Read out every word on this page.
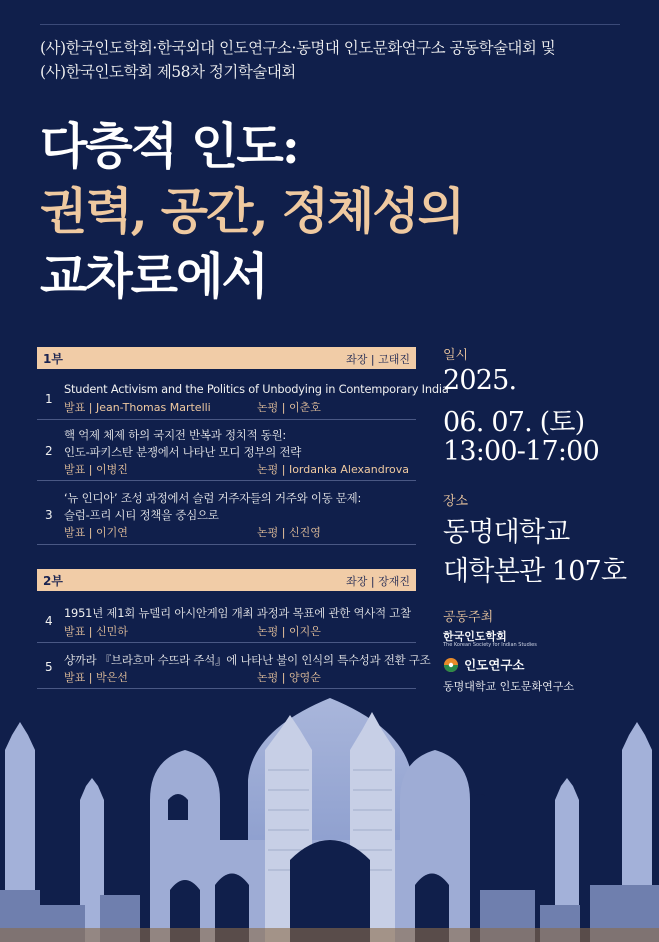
(사)한국인도학회·한국외대 인도연구소·동명대 인도문화연구소 공동학술대회 및
(사)한국인도학회 제58차 정기학술대회
다층적 인도:
권력, 공간, 정체성의
교차로에서
1부	좌장 | 고태진
1
Student Activism and the Politics of Unbodying in Contemporary India
발표 | Jean-Thomas Martelli	논평 | 이춘호
2
핵 억제 체제 하의 국지전 반복과 정치적 동원:
인도-파키스탄 분쟁에서 나타난 모디 정부의 전략
발표 | 이병진	논평 | Iordanka Alexandrova
3
‘뉴 인디아’ 조성 과정에서 슬럼 거주자들의 거주와 이동 문제:
슬럼-프리 시티 정책을 중심으로
발표 | 이기연	논평 | 신진영
2부	좌장 | 장재진
4
1951년 제1회 뉴델리 아시안게임 개최 과정과 목표에 관한 역사적 고찰
발표 | 신민하	논평 | 이지은
5 샹까라 『브라흐마 수뜨라 주석』에 나타난 불이 인식의 특수성과 전환 구조
발표 | 박은선	논평 | 양영순
일시
2025.
06. 07. (토)
13:00-17:00
장소
동명대학교
대학본관 107호
공동주최
한국인도학회
The Korean Society for Indian Studies
인도연구소
동명대학교 인도문화연구소
